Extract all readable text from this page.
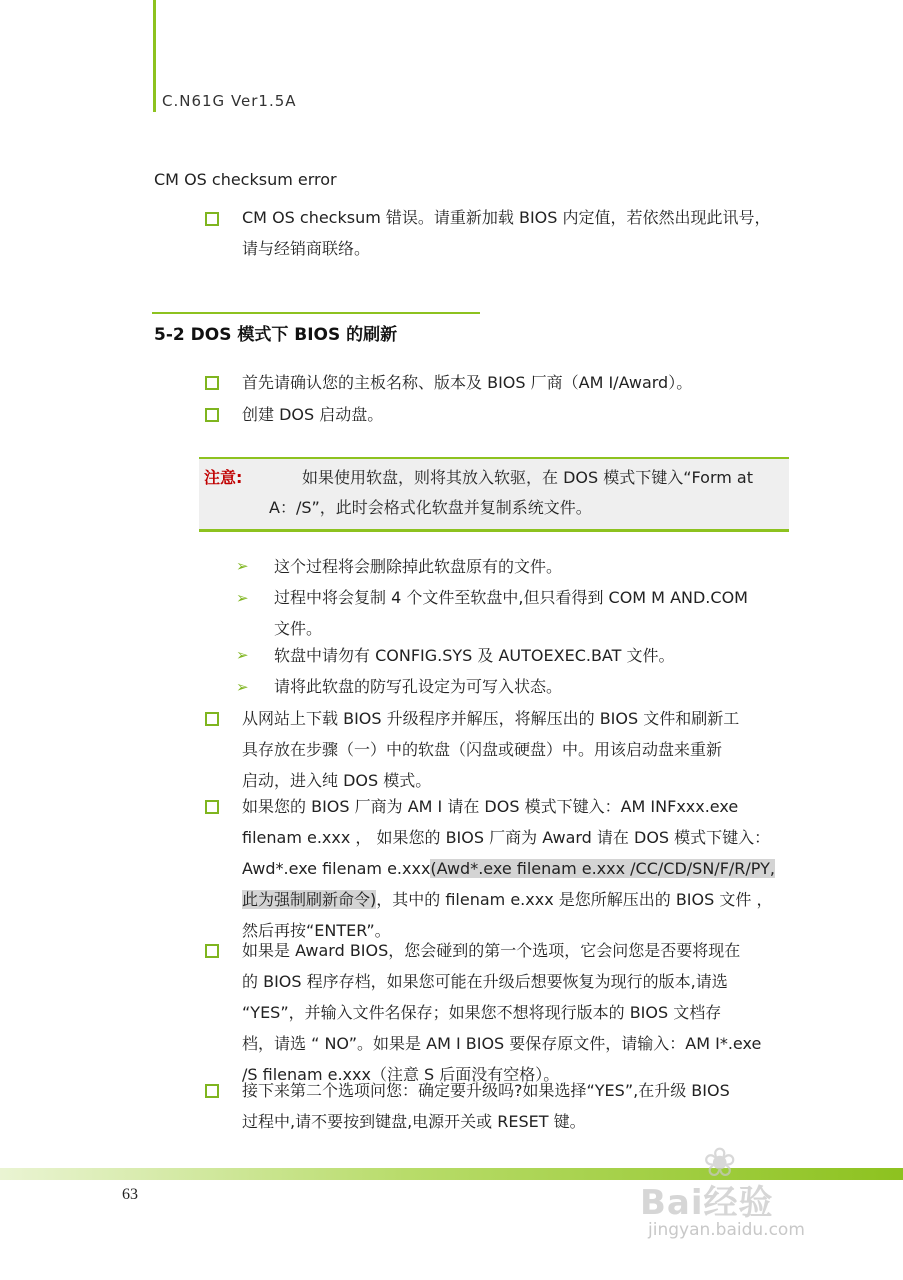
C.N61G Ver1.5A
CM OS checksum error
CM OS checksum 错误。请重新加载 BIOS 内定值，若依然出现此讯号，
请与经销商联络。
5-2 DOS 模式下 BIOS 的刷新
首先请确认您的主板名称、版本及 BIOS 厂商（AM I/Award）。
创建 DOS 启动盘。
注意:	如果使用软盘，则将其放入软驱，在 DOS 模式下键入“Form at
A：/S”，此时会格式化软盘并复制系统文件。
➢ 这个过程将会删除掉此软盘原有的文件。
➢ 过程中将会复制 4 个文件至软盘中,但只看得到 COM M AND.COM
文件。
➢ 软盘中请勿有 CONFIG.SYS 及 AUTOEXEC.BAT 文件。
➢ 请将此软盘的防写孔设定为可写入状态。
从网站上下载 BIOS 升级程序并解压，将解压出的 BIOS 文件和刷新工
具存放在步骤（一）中的软盘（闪盘或硬盘）中。用该启动盘来重新
启动，进入纯 DOS 模式。
如果您的 BIOS 厂商为 AM I 请在 DOS 模式下键入：AM INFxxx.exe
filenam e.xxx ， 如果您的 BIOS 厂商为 Award 请在 DOS 模式下键入：
Awd*.exe filenam e.xxx(Awd*.exe filenam e.xxx /CC/CD/SN/F/R/PY,
此为强制刷新命令)，其中的 filenam e.xxx 是您所解压出的 BIOS 文件 ，
然后再按“ENTER”。
如果是 Award BIOS，您会碰到的第一个选项，它会问您是否要将现在
的 BIOS 程序存档，如果您可能在升级后想要恢复为现行的版本,请选
“YES”，并输入文件名保存；如果您不想将现行版本的 BIOS 文档存
档，请选 “ NO”。如果是 AM I BIOS 要保存原文件，请输入：AM I*.exe
/S filenam e.xxx（注意 S 后面没有空格）。
接下来第二个选项问您：确定要升级吗?如果选择“YES”,在升级 BIOS
过程中,请不要按到键盘,电源开关或 RESET 键。
63
❀
Bai经验
jingyan.baidu.com
